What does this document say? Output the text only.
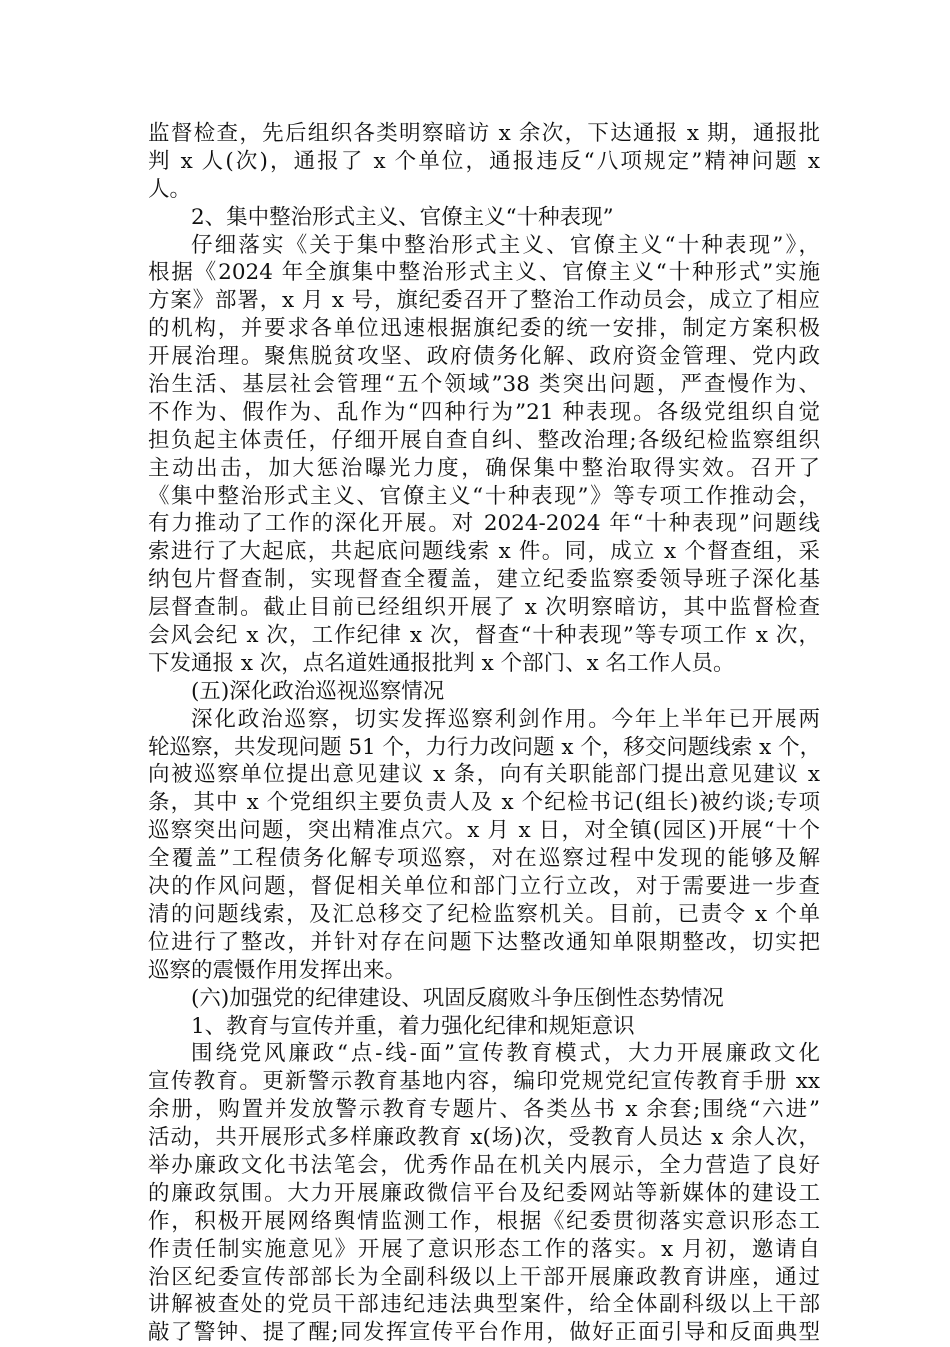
监督检查，先后组织各类明察暗访 x 余次，下达通报 x 期，通报批
判 x 人(次)，通报了 x 个单位，通报违反“八项规定”精神问题 x
人。
2、集中整治形式主义、官僚主义“十种表现”
仔细落实《关于集中整治形式主义、官僚主义“十种表现”》，
根据《2024 年全旗集中整治形式主义、官僚主义“十种形式”实施
方案》部署，x 月 x 号，旗纪委召开了整治工作动员会，成立了相应
的机构，并要求各单位迅速根据旗纪委的统一安排，制定方案积极
开展治理。聚焦脱贫攻坚、政府债务化解、政府资金管理、党内政
治生活、基层社会管理“五个领域”38 类突出问题，严查慢作为、
不作为、假作为、乱作为“四种行为”21 种表现。各级党组织自觉
担负起主体责任，仔细开展自查自纠、整改治理;各级纪检监察组织
主动出击，加大惩治曝光力度，确保集中整治取得实效。召开了
《集中整治形式主义、官僚主义“十种表现”》等专项工作推动会，
有力推动了工作的深化开展。对 2024-2024 年“十种表现”问题线
索进行了大起底，共起底问题线索 x 件。同，成立 x 个督查组，采
纳包片督查制，实现督查全覆盖，建立纪委监察委领导班子深化基
层督查制。截止目前已经组织开展了 x 次明察暗访，其中监督检查
会风会纪 x 次，工作纪律 x 次，督查“十种表现”等专项工作 x 次，
下发通报 x 次，点名道姓通报批判 x 个部门、x 名工作人员。
(五)深化政治巡视巡察情况
深化政治巡察，切实发挥巡察利剑作用。今年上半年已开展两
轮巡察，共发现问题 51 个，力行力改问题 x 个，移交问题线索 x 个，
向被巡察单位提出意见建议 x 条，向有关职能部门提出意见建议 x
条，其中 x 个党组织主要负责人及 x 个纪检书记(组长)被约谈;专项
巡察突出问题，突出精准点穴。x 月 x 日，对全镇(园区)开展“十个
全覆盖”工程债务化解专项巡察，对在巡察过程中发现的能够及解
决的作风问题，督促相关单位和部门立行立改，对于需要进一步查
清的问题线索，及汇总移交了纪检监察机关。目前，已责令 x 个单
位进行了整改，并针对存在问题下达整改通知单限期整改，切实把
巡察的震慑作用发挥出来。
(六)加强党的纪律建设、巩固反腐败斗争压倒性态势情况
1、教育与宣传并重，着力强化纪律和规矩意识
围绕党风廉政“点-线-面”宣传教育模式，大力开展廉政文化
宣传教育。更新警示教育基地内容，编印党规党纪宣传教育手册 xx
余册，购置并发放警示教育专题片、各类丛书 x 余套;围绕“六进”
活动，共开展形式多样廉政教育 x(场)次，受教育人员达 x 余人次，
举办廉政文化书法笔会，优秀作品在机关内展示，全力营造了良好
的廉政氛围。大力开展廉政微信平台及纪委网站等新媒体的建设工
作，积极开展网络舆情监测工作，根据《纪委贯彻落实意识形态工
作责任制实施意见》开展了意识形态工作的落实。x 月初，邀请自
治区纪委宣传部部长为全副科级以上干部开展廉政教育讲座，通过
讲解被查处的党员干部违纪违法典型案件，给全体副科级以上干部
敲了警钟、提了醒;同发挥宣传平台作用，做好正面引导和反面典型
